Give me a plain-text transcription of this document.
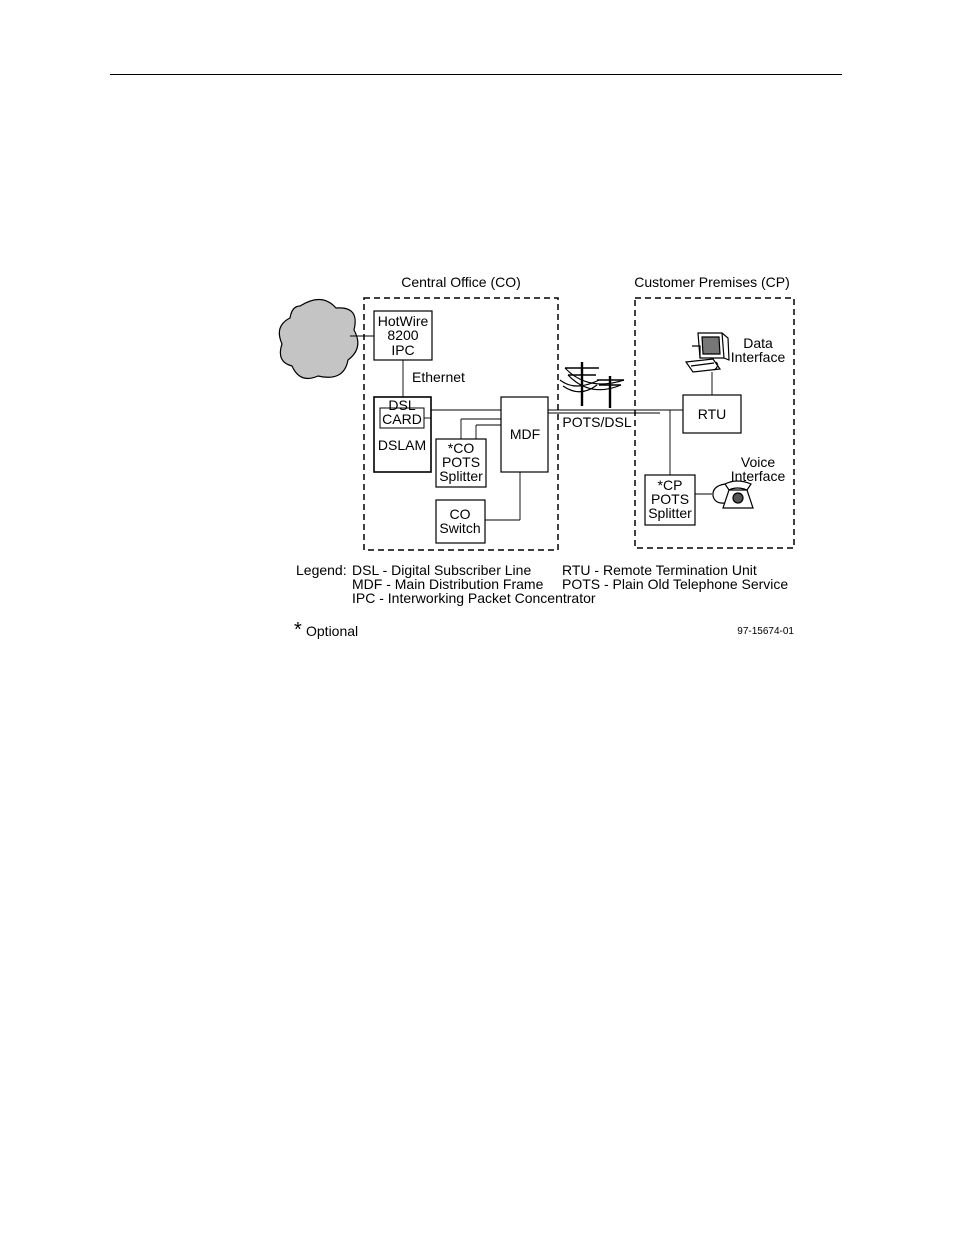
Central Office (CO)	Customer Premises (CP)
HotWire
8200
IPC
DSL
CARD
DSLAM *CO
POTS
Splitter
MDF
CO
Switch
POTS/DSL	RTU
Data
Interface
Voice
Interface
*CP
POTS
Splitter
Ethernet
Legend: DSL - Digital Subscriber Line RTU - Remote Termination Unit
MDF - Main Distribution Frame POTS - Plain Old Telephone Service
IPC - Interworking Packet Concentrator
* Optional	97-15674-01
